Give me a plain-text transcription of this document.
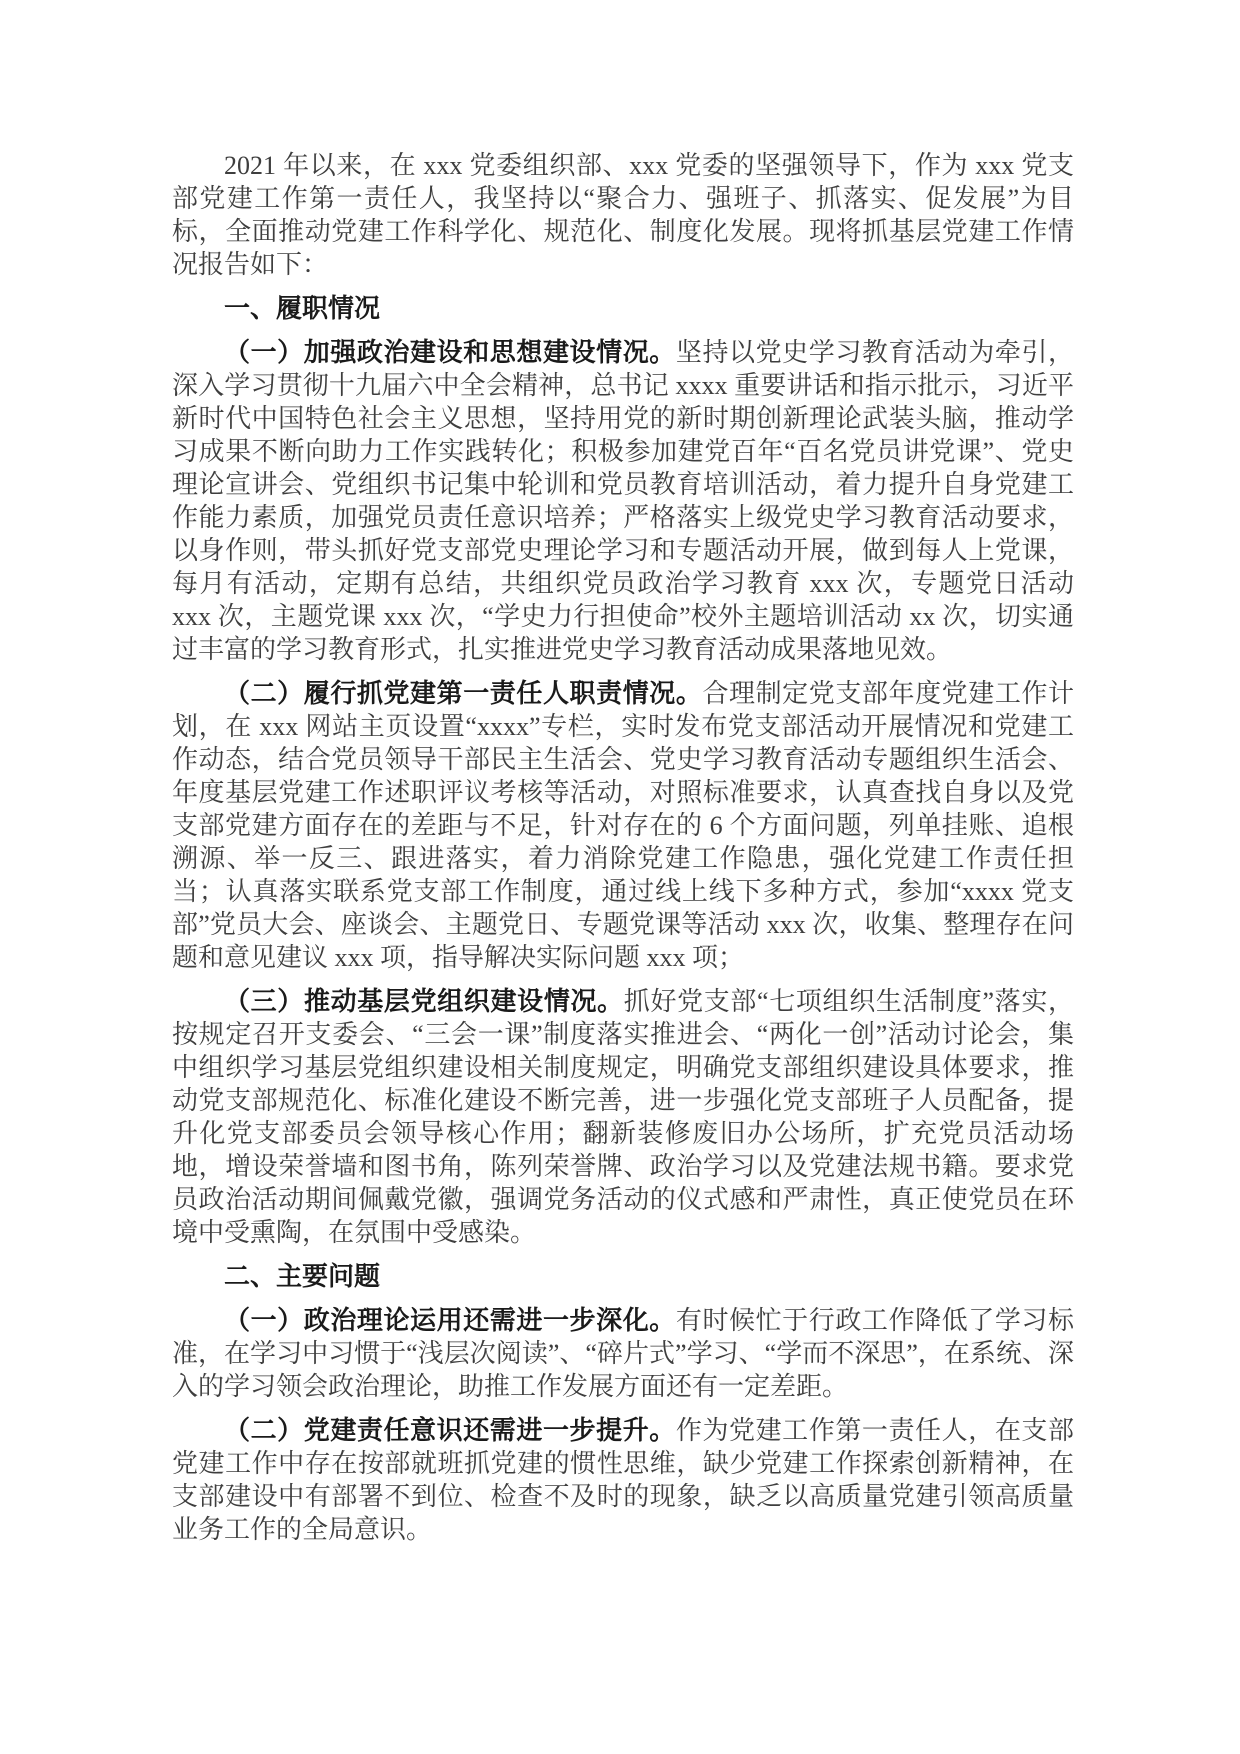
2021 年以来，在 xxx 党委组织部、xxx 党委的坚强领导下，作为 xxx 党支部党建工作第一责任人，我坚持以“聚合力、强班子、抓落实、促发展”为目标，全面推动党建工作科学化、规范化、制度化发展。现将抓基层党建工作情况报告如下：

一、履职情况

（一）加强政治建设和思想建设情况。坚持以党史学习教育活动为牵引，深入学习贯彻十九届六中全会精神，总书记 xxxx 重要讲话和指示批示，习近平新时代中国特色社会主义思想，坚持用党的新时期创新理论武装头脑，推动学习成果不断向助力工作实践转化；积极参加建党百年“百名党员讲党课”、党史理论宣讲会、党组织书记集中轮训和党员教育培训活动，着力提升自身党建工作能力素质，加强党员责任意识培养；严格落实上级党史学习教育活动要求，以身作则，带头抓好党支部党史理论学习和专题活动开展，做到每人上党课，每月有活动，定期有总结，共组织党员政治学习教育 xxx 次，专题党日活动 xxx 次，主题党课 xxx 次，“学史力行担使命”校外主题培训活动 xx 次，切实通过丰富的学习教育形式，扎实推进党史学习教育活动成果落地见效。

（二）履行抓党建第一责任人职责情况。合理制定党支部年度党建工作计划，在 xxx 网站主页设置“xxxx”专栏，实时发布党支部活动开展情况和党建工作动态，结合党员领导干部民主生活会、党史学习教育活动专题组织生活会、年度基层党建工作述职评议考核等活动，对照标准要求，认真查找自身以及党支部党建方面存在的差距与不足，针对存在的 6 个方面问题，列单挂账、追根溯源、举一反三、跟进落实，着力消除党建工作隐患，强化党建工作责任担当；认真落实联系党支部工作制度，通过线上线下多种方式，参加“xxxx 党支部”党员大会、座谈会、主题党日、专题党课等活动 xxx 次，收集、整理存在问题和意见建议 xxx 项，指导解决实际问题 xxx 项；

（三）推动基层党组织建设情况。抓好党支部“七项组织生活制度”落实，按规定召开支委会、“三会一课”制度落实推进会、“两化一创”活动讨论会，集中组织学习基层党组织建设相关制度规定，明确党支部组织建设具体要求，推动党支部规范化、标准化建设不断完善，进一步强化党支部班子人员配备，提升化党支部委员会领导核心作用；翻新装修废旧办公场所，扩充党员活动场地，增设荣誉墙和图书角，陈列荣誉牌、政治学习以及党建法规书籍。要求党员政治活动期间佩戴党徽，强调党务活动的仪式感和严肃性，真正使党员在环境中受熏陶，在氛围中受感染。

二、主要问题

（一）政治理论运用还需进一步深化。有时候忙于行政工作降低了学习标准，在学习中习惯于“浅层次阅读”、“碎片式”学习、“学而不深思”，在系统、深入的学习领会政治理论，助推工作发展方面还有一定差距。

（二）党建责任意识还需进一步提升。作为党建工作第一责任人，在支部党建工作中存在按部就班抓党建的惯性思维，缺少党建工作探索创新精神，在支部建设中有部署不到位、检查不及时的现象，缺乏以高质量党建引领高质量业务工作的全局意识。
